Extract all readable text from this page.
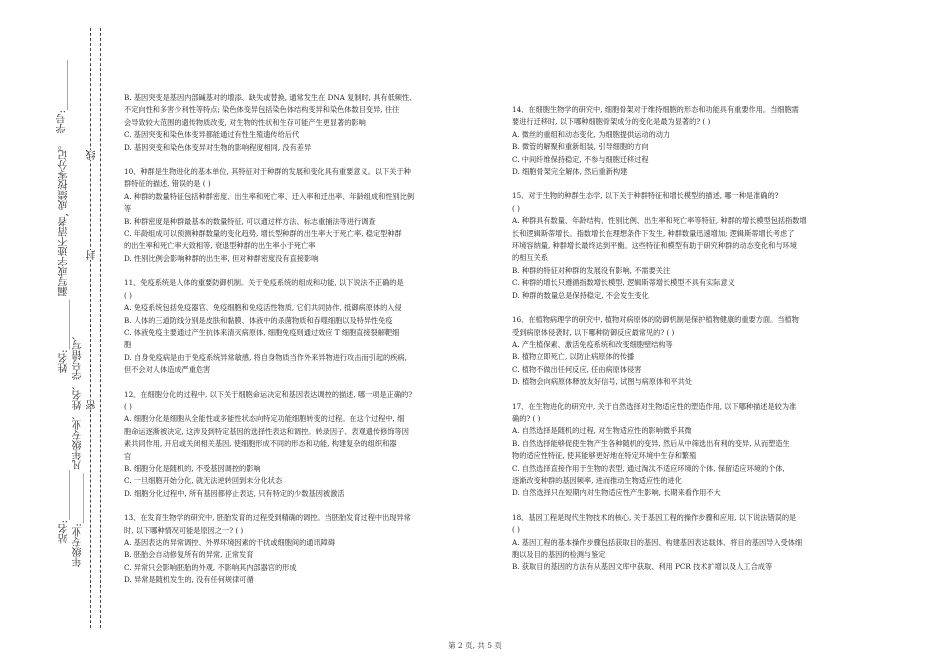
学号:__________
姓名:__________ 漏写或字迹不清者, 成绩按零分记。 线
年级专业:__________ 凡年级专业、姓名、学号错写、
封
密
站名:__________

B. 基因突变是基因内部碱基对的增添、缺失或替换, 通常发生在 DNA 复制时, 具有低频性、

不定向性和多害少利性等特点; 染色体变异包括染色体结构变异和染色体数目变异, 往往

会导致较大范围的遗传物质改变, 对生物的性状和生存可能产生更显著的影响

C. 基因突变和染色体变异都能通过有性生殖遗传给后代

D. 基因突变和染色体变异对生物的影响程度相同, 没有差异

10、种群是生物进化的基本单位, 其特征对于种群的发展和变化具有重要意义。以下关于种

群特征的描述, 错误的是 ( )

A. 种群的数量特征包括种群密度、出生率和死亡率、迁入率和迁出率、年龄组成和性别比例

等

B. 种群密度是种群最基本的数量特征, 可以通过样方法、标志重捕法等进行调查

C. 年龄组成可以预测种群数量的变化趋势, 增长型种群的出生率大于死亡率, 稳定型种群

的出生率和死亡率大致相等, 衰退型种群的出生率小于死亡率

D. 性别比例会影响种群的出生率, 但对种群密度没有直接影响

11、免疫系统是人体的重要防御机制。关于免疫系统的组成和功能, 以下说法不正确的是

( )

A. 免疫系统包括免疫器官、免疫细胞和免疫活性物质, 它们共同协作, 抵御病原体的入侵

B. 人体的三道防线分别是皮肤和黏膜、体液中的杀菌物质和吞噬细胞以及特异性免疫

C. 体液免疫主要通过产生抗体来清灭病原体, 细胞免疫则通过效应 T 细胞直接裂解靶细

胞

D. 自身免疫病是由于免疫系统异常敏感, 将自身物质当作外来异物进行攻击而引起的疾病,

但不会对人体造成严重危害

12、在细胞分化的过程中, 以下关于细胞命运决定和基因表达调控的描述, 哪一项是正确的?

( )

A. 细胞分化是细胞从全能性或多能性状态向特定功能细胞转变的过程。在这个过程中, 细

胞命运逐渐被决定, 这涉及到特定基因的选择性表达和调控。转录因子、表观遗传修饰等因

素共同作用, 开启或关闭相关基因, 使细胞形成不同的形态和功能, 构建复杂的组织和器

官

B. 细胞分化是随机的, 不受基因调控的影响

C. 一旦细胞开始分化, 就无法逆转回到未分化状态

D. 细胞分化过程中, 所有基因都停止表达, 只有特定的少数基因被激活

13、在发育生物学的研究中, 胚胎发育的过程受到精确的调控。当胚胎发育过程中出现异常

时, 以下哪种情况可能是原因之一? ( )

A. 基因表达的异常调控、外界环境因素的干扰或细胞间的通讯障碍

B. 胚胎会自动修复所有的异常, 正常发育

C. 异常只会影响胚胎的外观, 不影响其内部器官的形成

D. 异常是随机发生的, 没有任何规律可循

14、在细胞生物学的研究中, 细胞骨架对于维持细胞的形态和功能具有重要作用。当细胞需

要进行迁移时, 以下哪种细胞骨架成分的变化是最为显著的? ( )

A. 微丝的重组和动态变化, 为细胞提供运动的动力

B. 微管的解聚和重新组装, 引导细胞的方向

C. 中间纤维保持稳定, 不参与细胞迁移过程

D. 细胞骨架完全解体, 然后重新构建

15、对于生物的种群生态学, 以下关于种群特征和增长模型的描述, 哪一种是准确的?

( )

A. 种群具有数量、年龄结构、性别比例、出生率和死亡率等特征, 种群的增长模型包括指数增

长和逻辑斯蒂增长。指数增长在理想条件下发生, 种群数量迅速增加; 逻辑斯蒂增长考虑了

环境容纳量, 种群增长最终达到平衡。这些特征和模型有助于研究种群的动态变化和与环境

的相互关系

B. 种群的特征对种群的发展没有影响, 不需要关注

C. 种群的增长只遵循指数增长模型, 逻辑斯蒂增长模型不具有实际意义

D. 种群的数量总是保持稳定, 不会发生变化

16、在植物病理学的研究中, 植物对病原体的防御机制是保护植物健康的重要方面。当植物

受到病原体侵袭时, 以下哪种防御反应最常见的? ( )

A. 产生植保素、激活免疫系统和改变细胞壁结构等

B. 植物立即死亡, 以防止病原体的传播

C. 植物不做出任何反应, 任由病原体侵害

D. 植物会向病原体释放友好信号, 试图与病原体和平共处

17、在生物进化的研究中, 关于自然选择对生物适应性的塑造作用, 以下哪种描述是较为准

确的? ( )

A. 自然选择是随机的过程, 对生物适应性的影响微乎其微

B. 自然选择能够促使生物产生各种随机的变异, 然后从中筛选出有利的变异, 从而塑造生

物的适应性特征, 使其能够更好地在特定环境中生存和繁殖

C. 自然选择直接作用于生物的表型, 通过淘汰不适应环境的个体, 保留适应环境的个体,

逐渐改变种群的基因频率, 进而推动生物适应性的进化

D. 自然选择只在短期内对生物适应性产生影响, 长期来看作用不大

18、基因工程是现代生物技术的核心, 关于基因工程的操作步骤和应用, 以下说法错误的是

( )

A. 基因工程的基本操作步骤包括获取目的基因、构建基因表达载体、将目的基因导入受体细

胞以及目的基因的检测与鉴定

B. 获取目的基因的方法有从基因文库中获取、利用 PCR 技术扩增以及人工合成等

第 2 页, 共 5 页
